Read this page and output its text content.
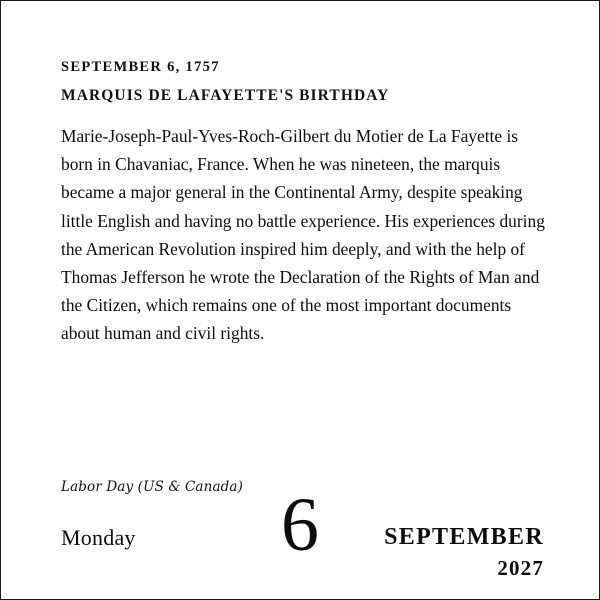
SEPTEMBER 6, 1757
MARQUIS DE LAFAYETTE'S BIRTHDAY
Marie-Joseph-Paul-Yves-Roch-Gilbert du Motier de La Fayette is born in Chavaniac, France. When he was nineteen, the marquis became a major general in the Continental Army, despite speaking little English and having no battle experience. His experiences during the American Revolution inspired him deeply, and with the help of Thomas Jefferson he wrote the Declaration of the Rights of Man and the Citizen, which remains one of the most important documents about human and civil rights.
Labor Day (US & Canada)
Monday	6	SEPTEMBER
2027
